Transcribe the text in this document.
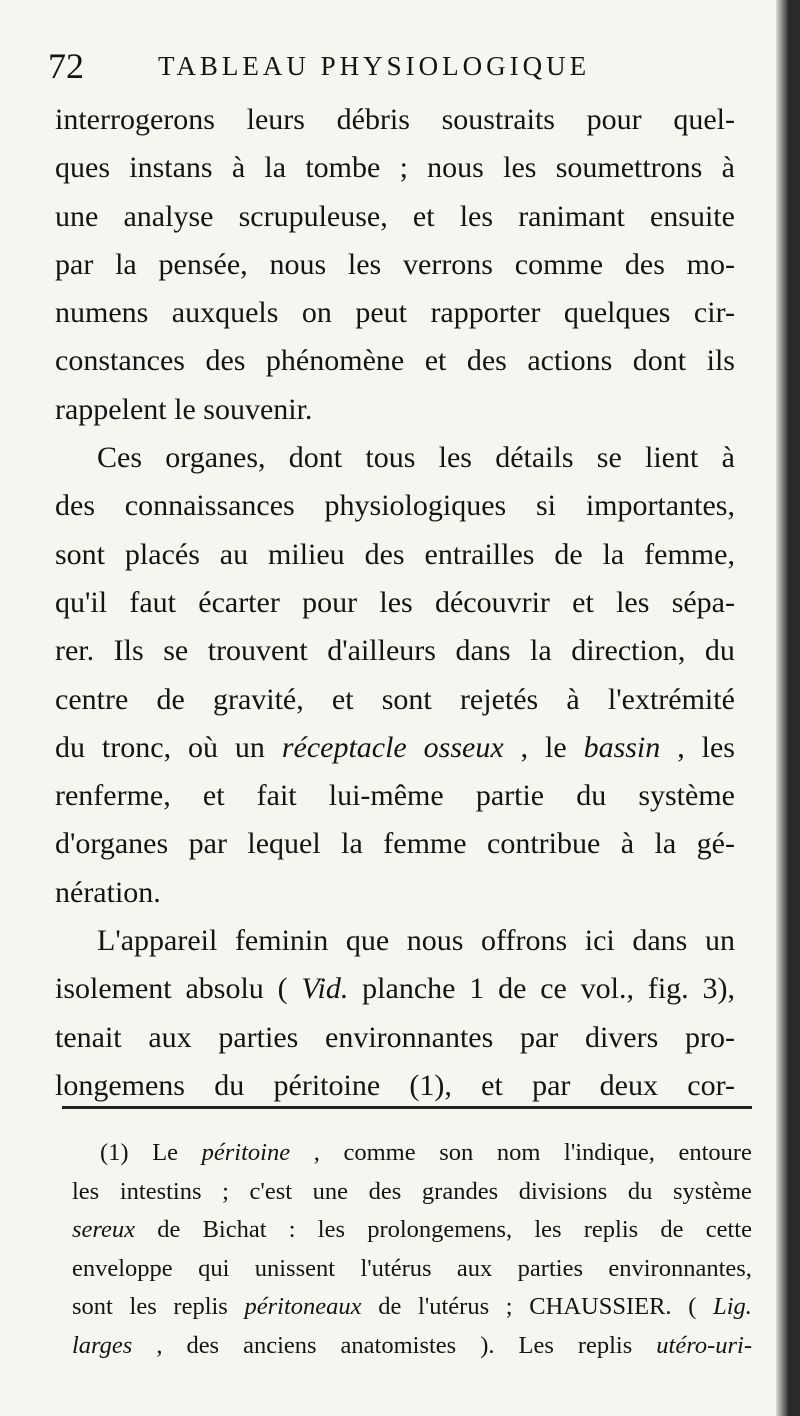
72	TABLEAU PHYSIOLOGIQUE
interrogerons leurs débris soustraits pour quel-
ques instans à la tombe ; nous les soumettrons à
une analyse scrupuleuse, et les ranimant ensuite
par la pensée, nous les verrons comme des mo-
numens auxquels on peut rapporter quelques cir-
constances des phénomène et des actions dont ils
rappelent
le
souvenir.

Ces organes, dont tous les détails se lient à
des connaissances physiologiques si importantes,
sont placés au milieu des entrailles de la femme,
qu'il faut écarter pour les découvrir et les sépa-
rer. Ils se trouvent d'ailleurs dans la direction, du
centre de gravité, et sont rejetés à l'extrémité
du tronc, où un réceptacle osseux , le bassin , les
renferme, et fait lui-même partie du système
d'organes par lequel la femme contribue à la gé-
nération.

L'appareil feminin que nous offrons ici dans un
isolement absolu ( Vid. planche 1 de ce vol., fig. 3),
tenait aux parties environnantes par divers pro-
longemens du péritoine (1), et par deux cor-
(1) Le péritoine , comme son nom l'indique, entoure
les intestins ; c'est une des grandes divisions du système
sereux de Bichat : les prolongemens, les replis de cette
enveloppe qui unissent l'utérus aux parties environnantes,
sont les replis péritoneaux de l'utérus ; CHAUSSIER. ( Lig.
larges , des anciens anatomistes ). Les replis utéro-uri-
